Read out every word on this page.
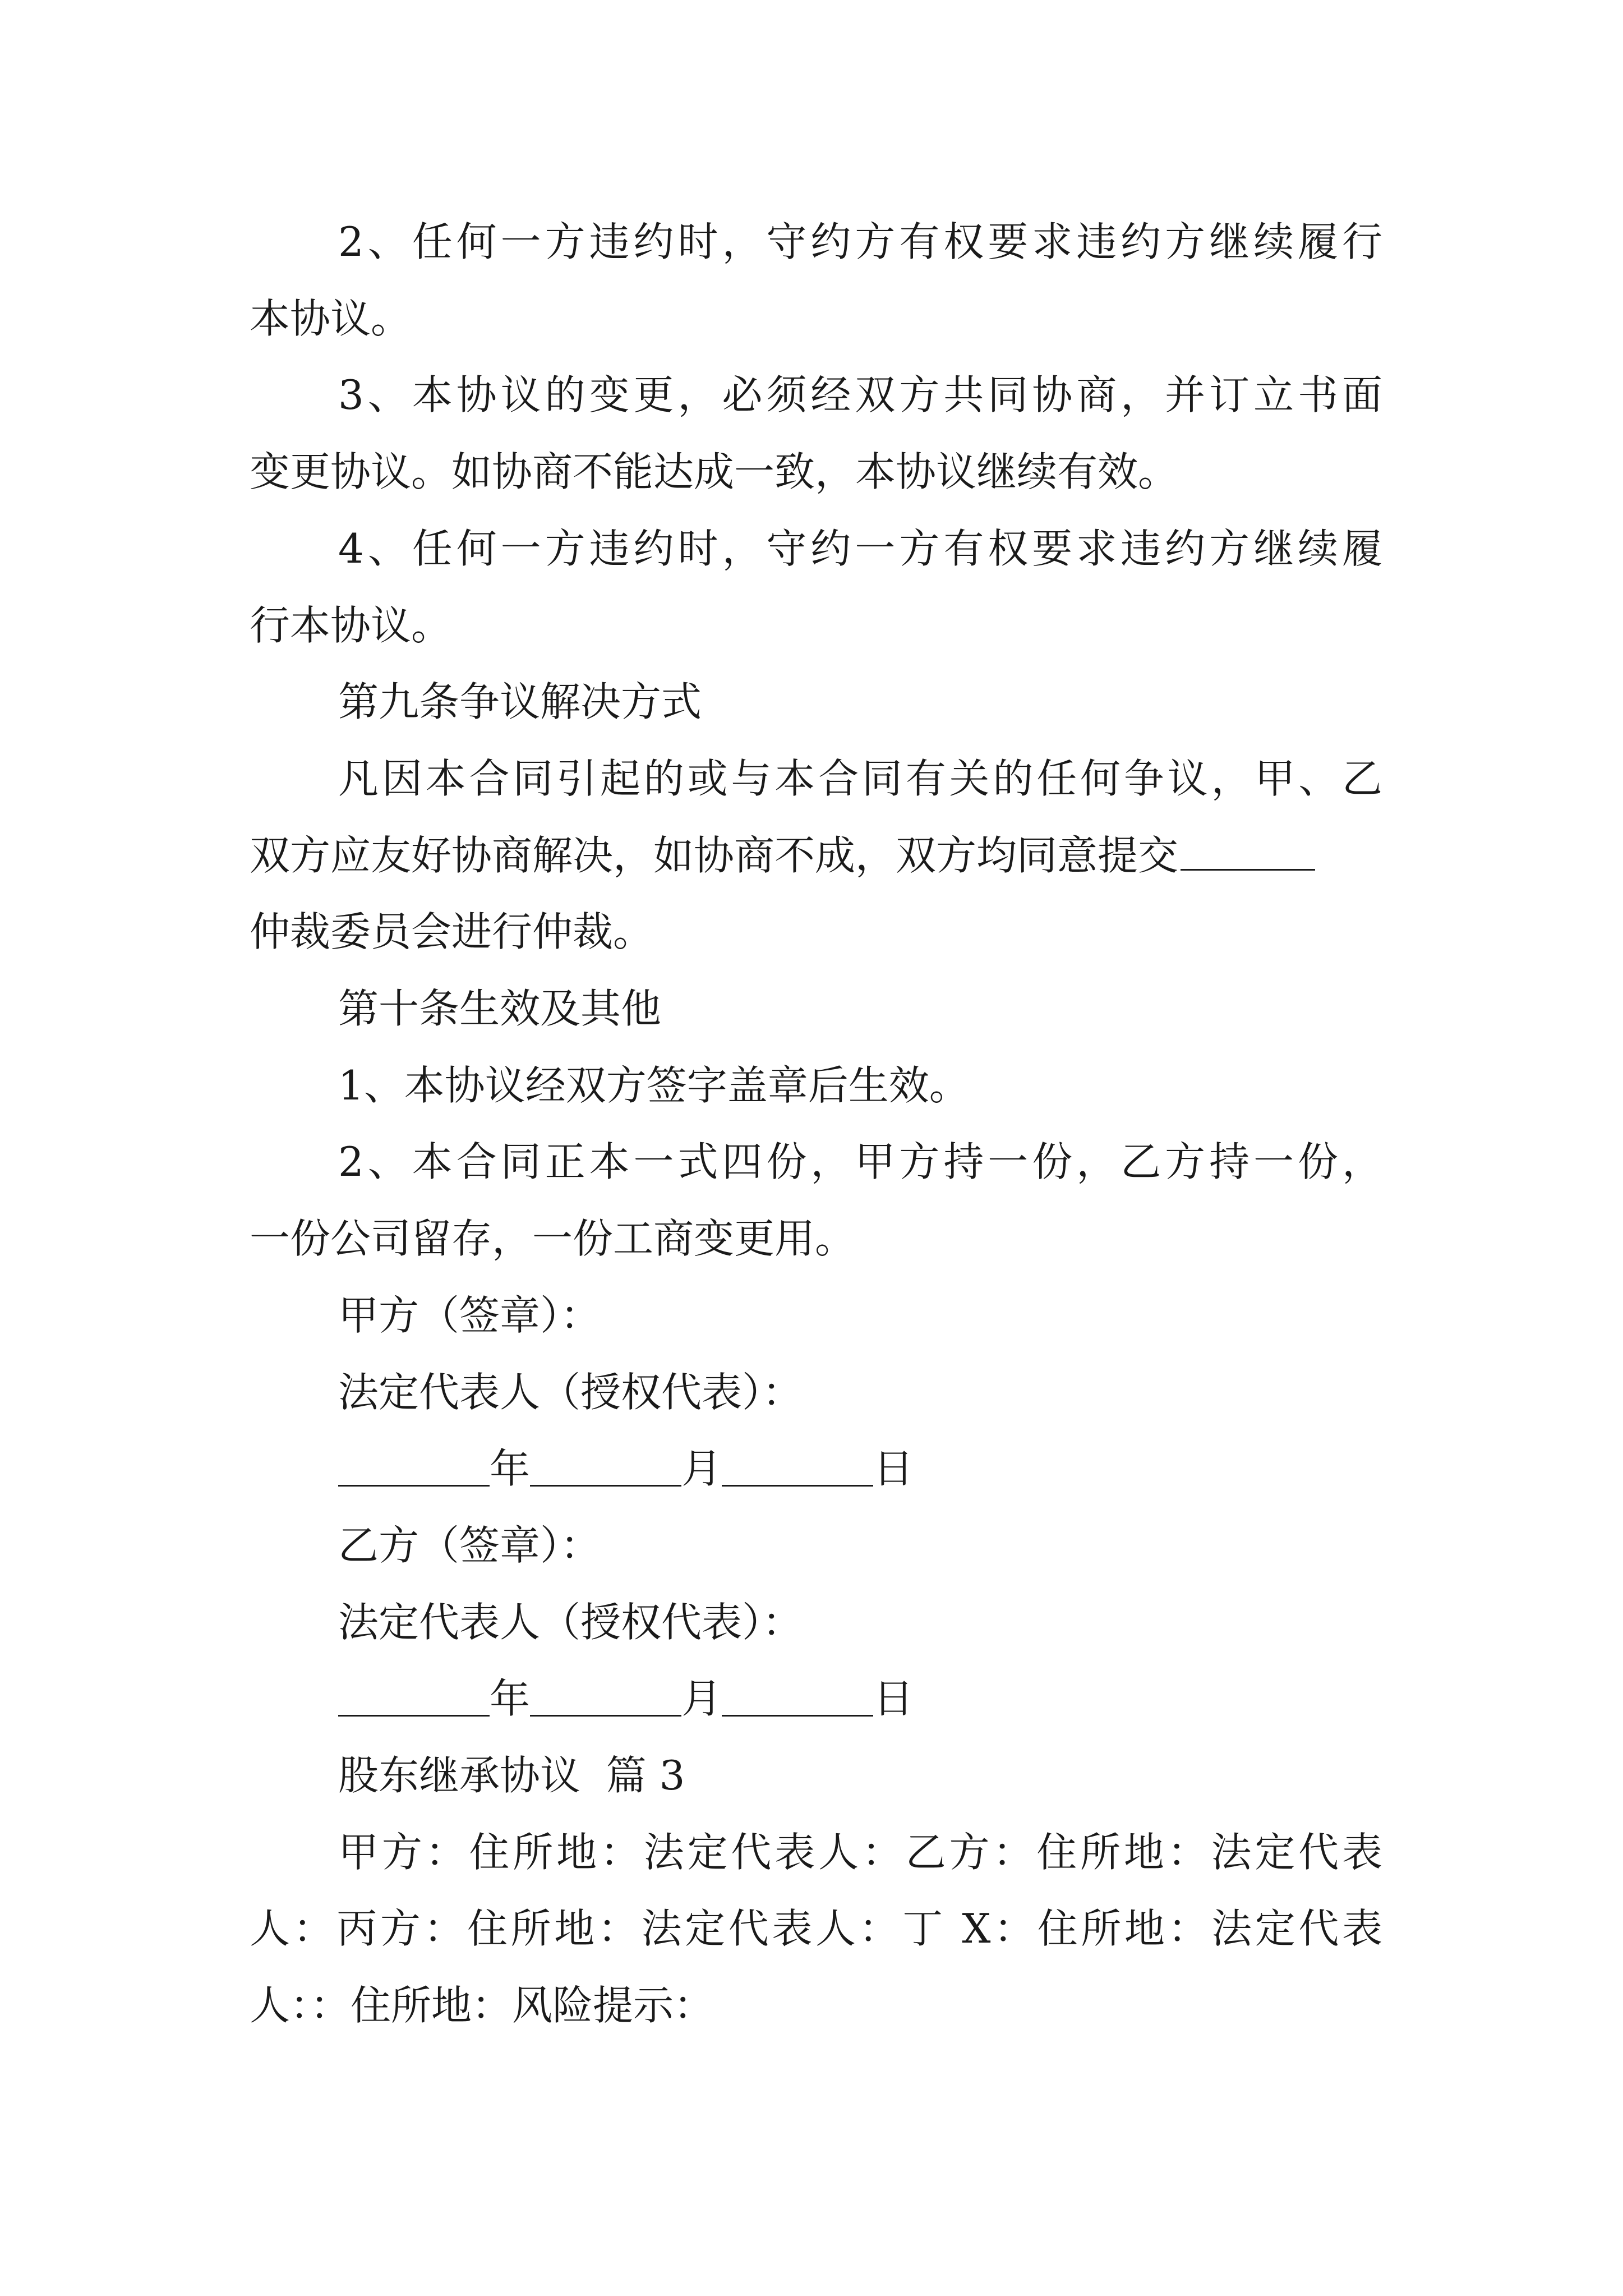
2、任何一方违约时，守约方有权要求违约方继续履行
本协议。
3、本协议的变更，必须经双方共同协商，并订立书面
变更协议。如协商不能达成一致，本协议继续有效。
4、任何一方违约时，守约一方有权要求违约方继续履
行本协议。
第九条争议解决方式
凡因本合同引起的或与本合同有关的任何争议，甲、乙
双方应友好协商解决，如协商不成，双方均同意提交
仲裁委员会进行仲裁。
第十条生效及其他
1、本协议经双方签字盖章后生效。
2、本合同正本一式四份，甲方持一份，乙方持一份，
一份公司留存，一份工商变更用。
甲方（签章）：
法定代表人（授权代表）：
年	月	日
乙方（签章）：
法定代表人（授权代表）：
年	月	日
股东继承协议  篇 3
甲方：住所地：法定代表人：乙方：住所地：法定代表
人：丙方：住所地：法定代表人：丁 X：住所地：法定代表
人：：住所地：风险提示：
